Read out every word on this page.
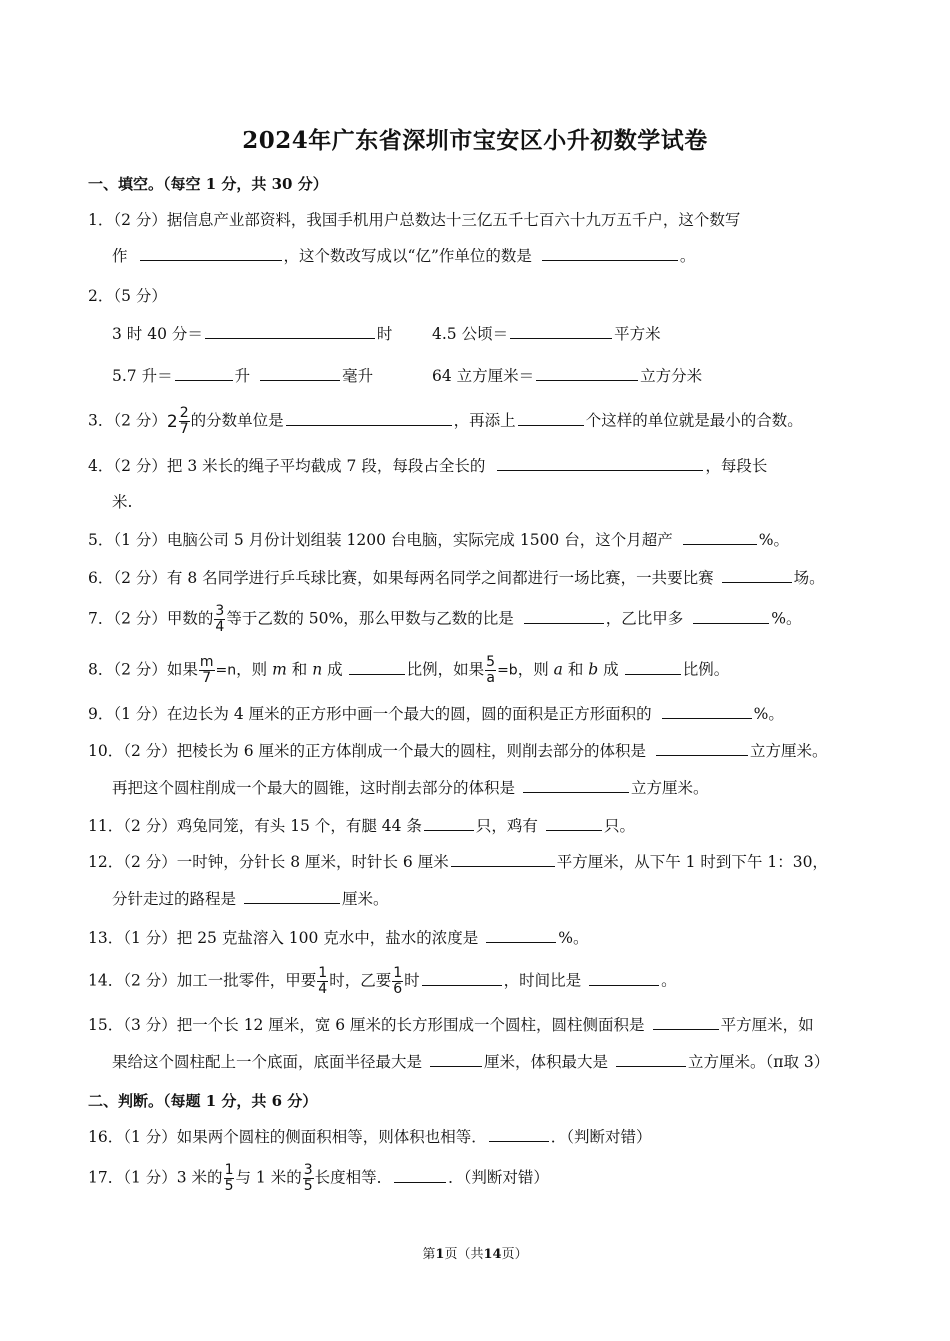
2024年广东省深圳市宝安区小升初数学试卷
一、填空。（每空 1 分，共 30 分）
1．（2 分）据信息产业部资料，我国手机用户总数达十三亿五千七百六十九万五千户，这个数写
作	，这个数改写成以“亿”作单位的数是	。
2．（5 分）
3 时 40 分＝	时	4.5 公顷＝	平方米
5.7 升＝	升	毫升	64 立方厘米＝	立方分米
3．（2 分）$2 \frac{2}{7}$ 的分数单位是	，再添上	个这样的单位就是最小的合数。
4．（2 分）把 3 米长的绳子平均截成 7 段，每段占全长的	，每段长
米.
5．（1 分）电脑公司 5 月份计划组装 1200 台电脑，实际完成 1500 台，这个月超产	%。
6．（2 分）有 8 名同学进行乒乓球比赛，如果每两名同学之间都进行一场比赛，一共要比赛	场。
7．（2 分）甲数的 $\frac{3}{4}$ 等于乙数的 50%，那么甲数与乙数的比是	，乙比甲多	%。
8．（2 分）如果 $\frac{m}{7} =n$，则 m 和 n 成	比例，如果 $\frac{5}{a} =b$，则 a 和 b 成	比例。
9．（1 分）在边长为 4 厘米的正方形中画一个最大的圆，圆的面积是正方形面积的	%。
10．（2 分）把棱长为 6 厘米的正方体削成一个最大的圆柱，则削去部分的体积是	立方厘米。
再把这个圆柱削成一个最大的圆锥，这时削去部分的体积是	立方厘米。
11．（2 分）鸡兔同笼，有头 15 个，有腿 44 条	只，鸡有	只。
12．（2 分）一时钟，分针长 8 厘米，时针长 6 厘米	平方厘米，从下午 1 时到下午 1：30，
分针走过的路程是	厘米。
13．（1 分）把 25 克盐溶入 100 克水中，盐水的浓度是	%。
14．（2 分）加工一批零件，甲要 $\frac{1}{4}$ 时，乙要 $\frac{1}{6}$ 时	，时间比是	。
15．（3 分）把一个长 12 厘米，宽 6 厘米的长方形围成一个圆柱，圆柱侧面积是	平方厘米，如
果给这个圆柱配上一个底面，底面半径最大是	厘米，体积最大是	立方厘米。（π取 3）
二、判断。（每题 1 分，共 6 分）
16．（1 分）如果两个圆柱的侧面积相等，则体积也相等．	．（判断对错）
17．（1 分）3 米的 $\frac{1}{5}$ 与 1 米的 $\frac{3}{5}$ 长度相等．	．（判断对错）
第1页（共14页）
